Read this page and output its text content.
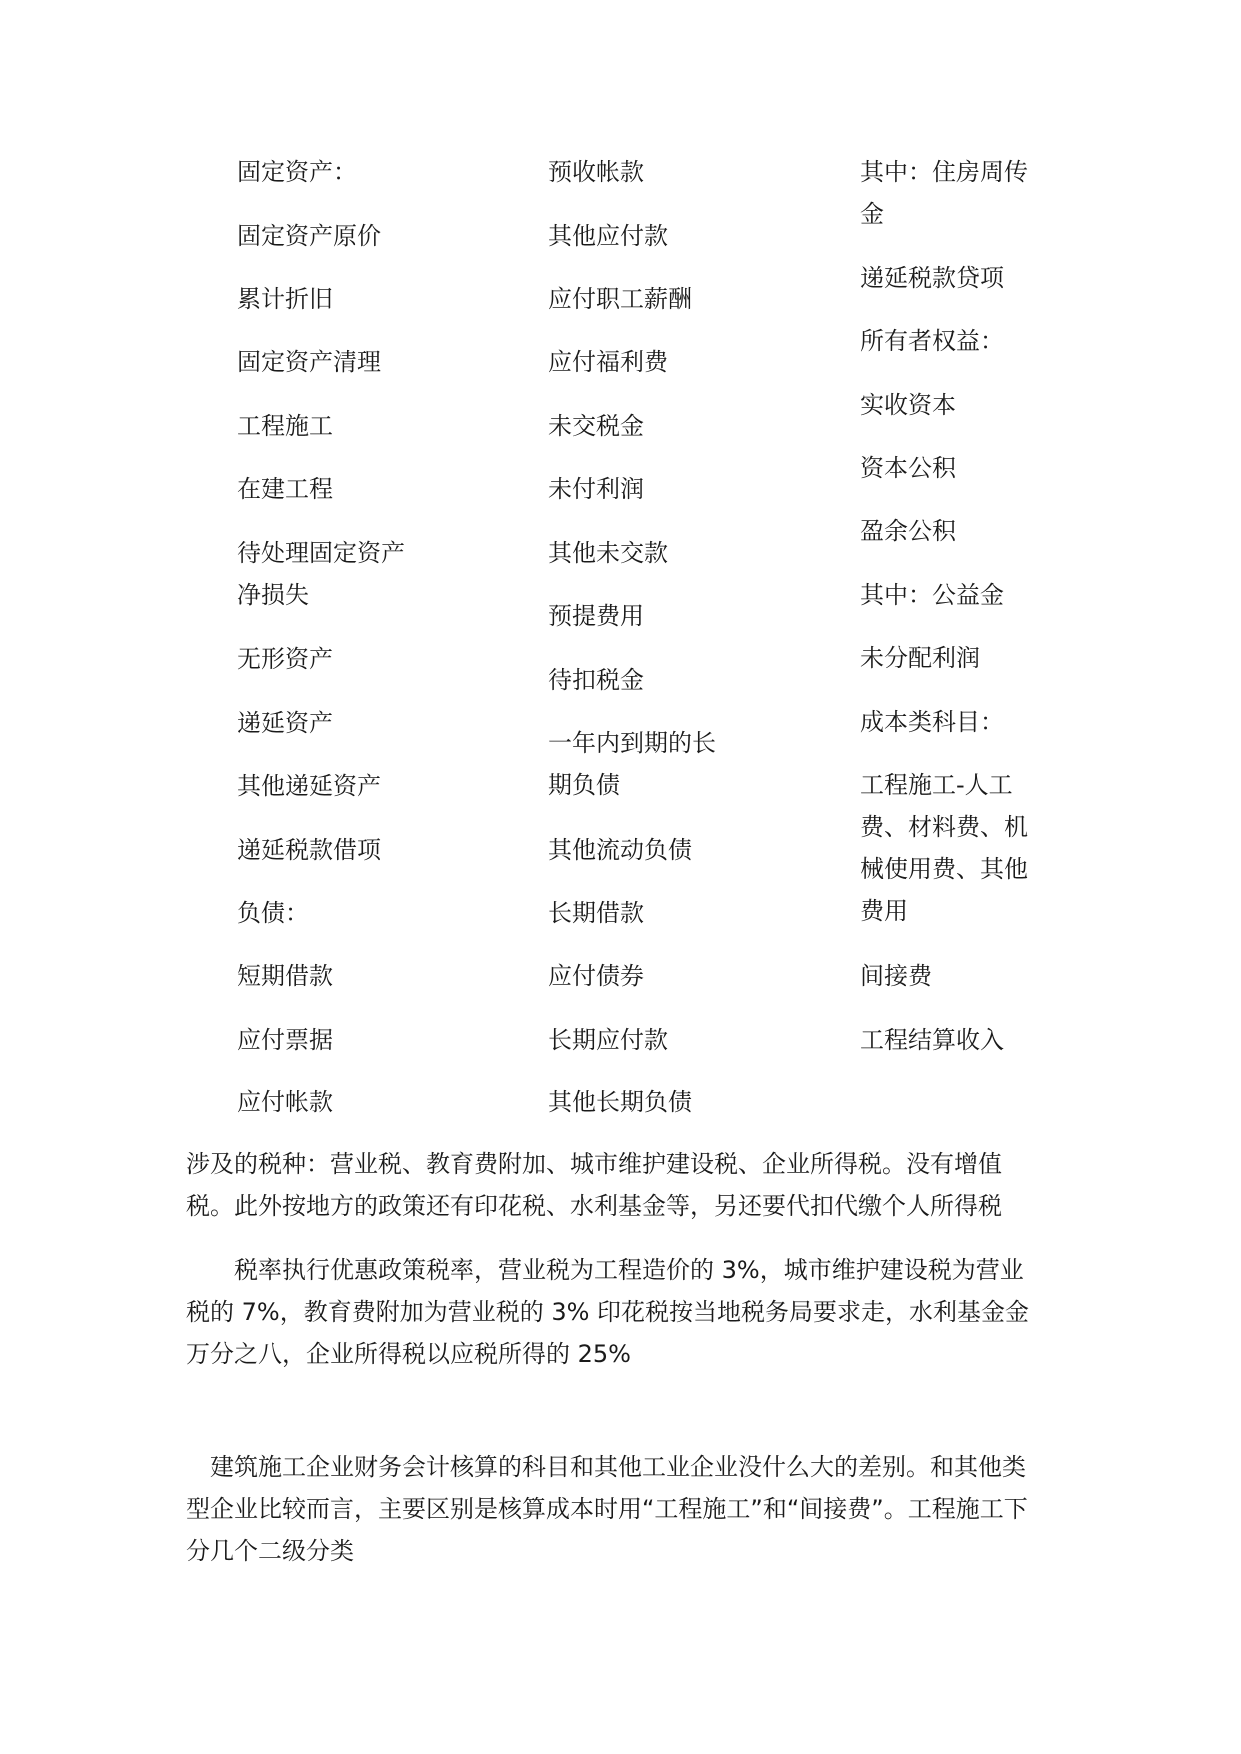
固定资产：
固定资产原价
累计折旧
固定资产清理
工程施工
在建工程
待处理固定资产净损失
无形资产
递延资产
其他递延资产
递延税款借项
负债：
短期借款
应付票据
应付帐款
预收帐款
其他应付款
应付职工薪酬
应付福利费
未交税金
未付利润
其他未交款
预提费用
待扣税金
一年内到期的长期负债
其他流动负债
长期借款
应付债券
长期应付款
其他长期负债
其中：住房周传金
递延税款贷项
所有者权益：
实收资本
资本公积
盈余公积
其中：公益金
未分配利润
成本类科目：
工程施工-人工费、材料费、机械使用费、其他费用
间接费
工程结算收入

涉及的税种：营业税、教育费附加、城市维护建设税、企业所得税。没有增值税。此外按地方的政策还有印花税、水利基金等，另还要代扣代缴个人所得税

　　税率执行优惠政策税率，营业税为工程造价的 3%，城市维护建设税为营业税的 7%，教育费附加为营业税的 3% 印花税按当地税务局要求走，水利基金金万分之八，企业所得税以应税所得的 25%

　建筑施工企业财务会计核算的科目和其他工业企业没什么大的差别。和其他类型企业比较而言，主要区别是核算成本时用“工程施工”和“间接费”。工程施工下分几个二级分类
